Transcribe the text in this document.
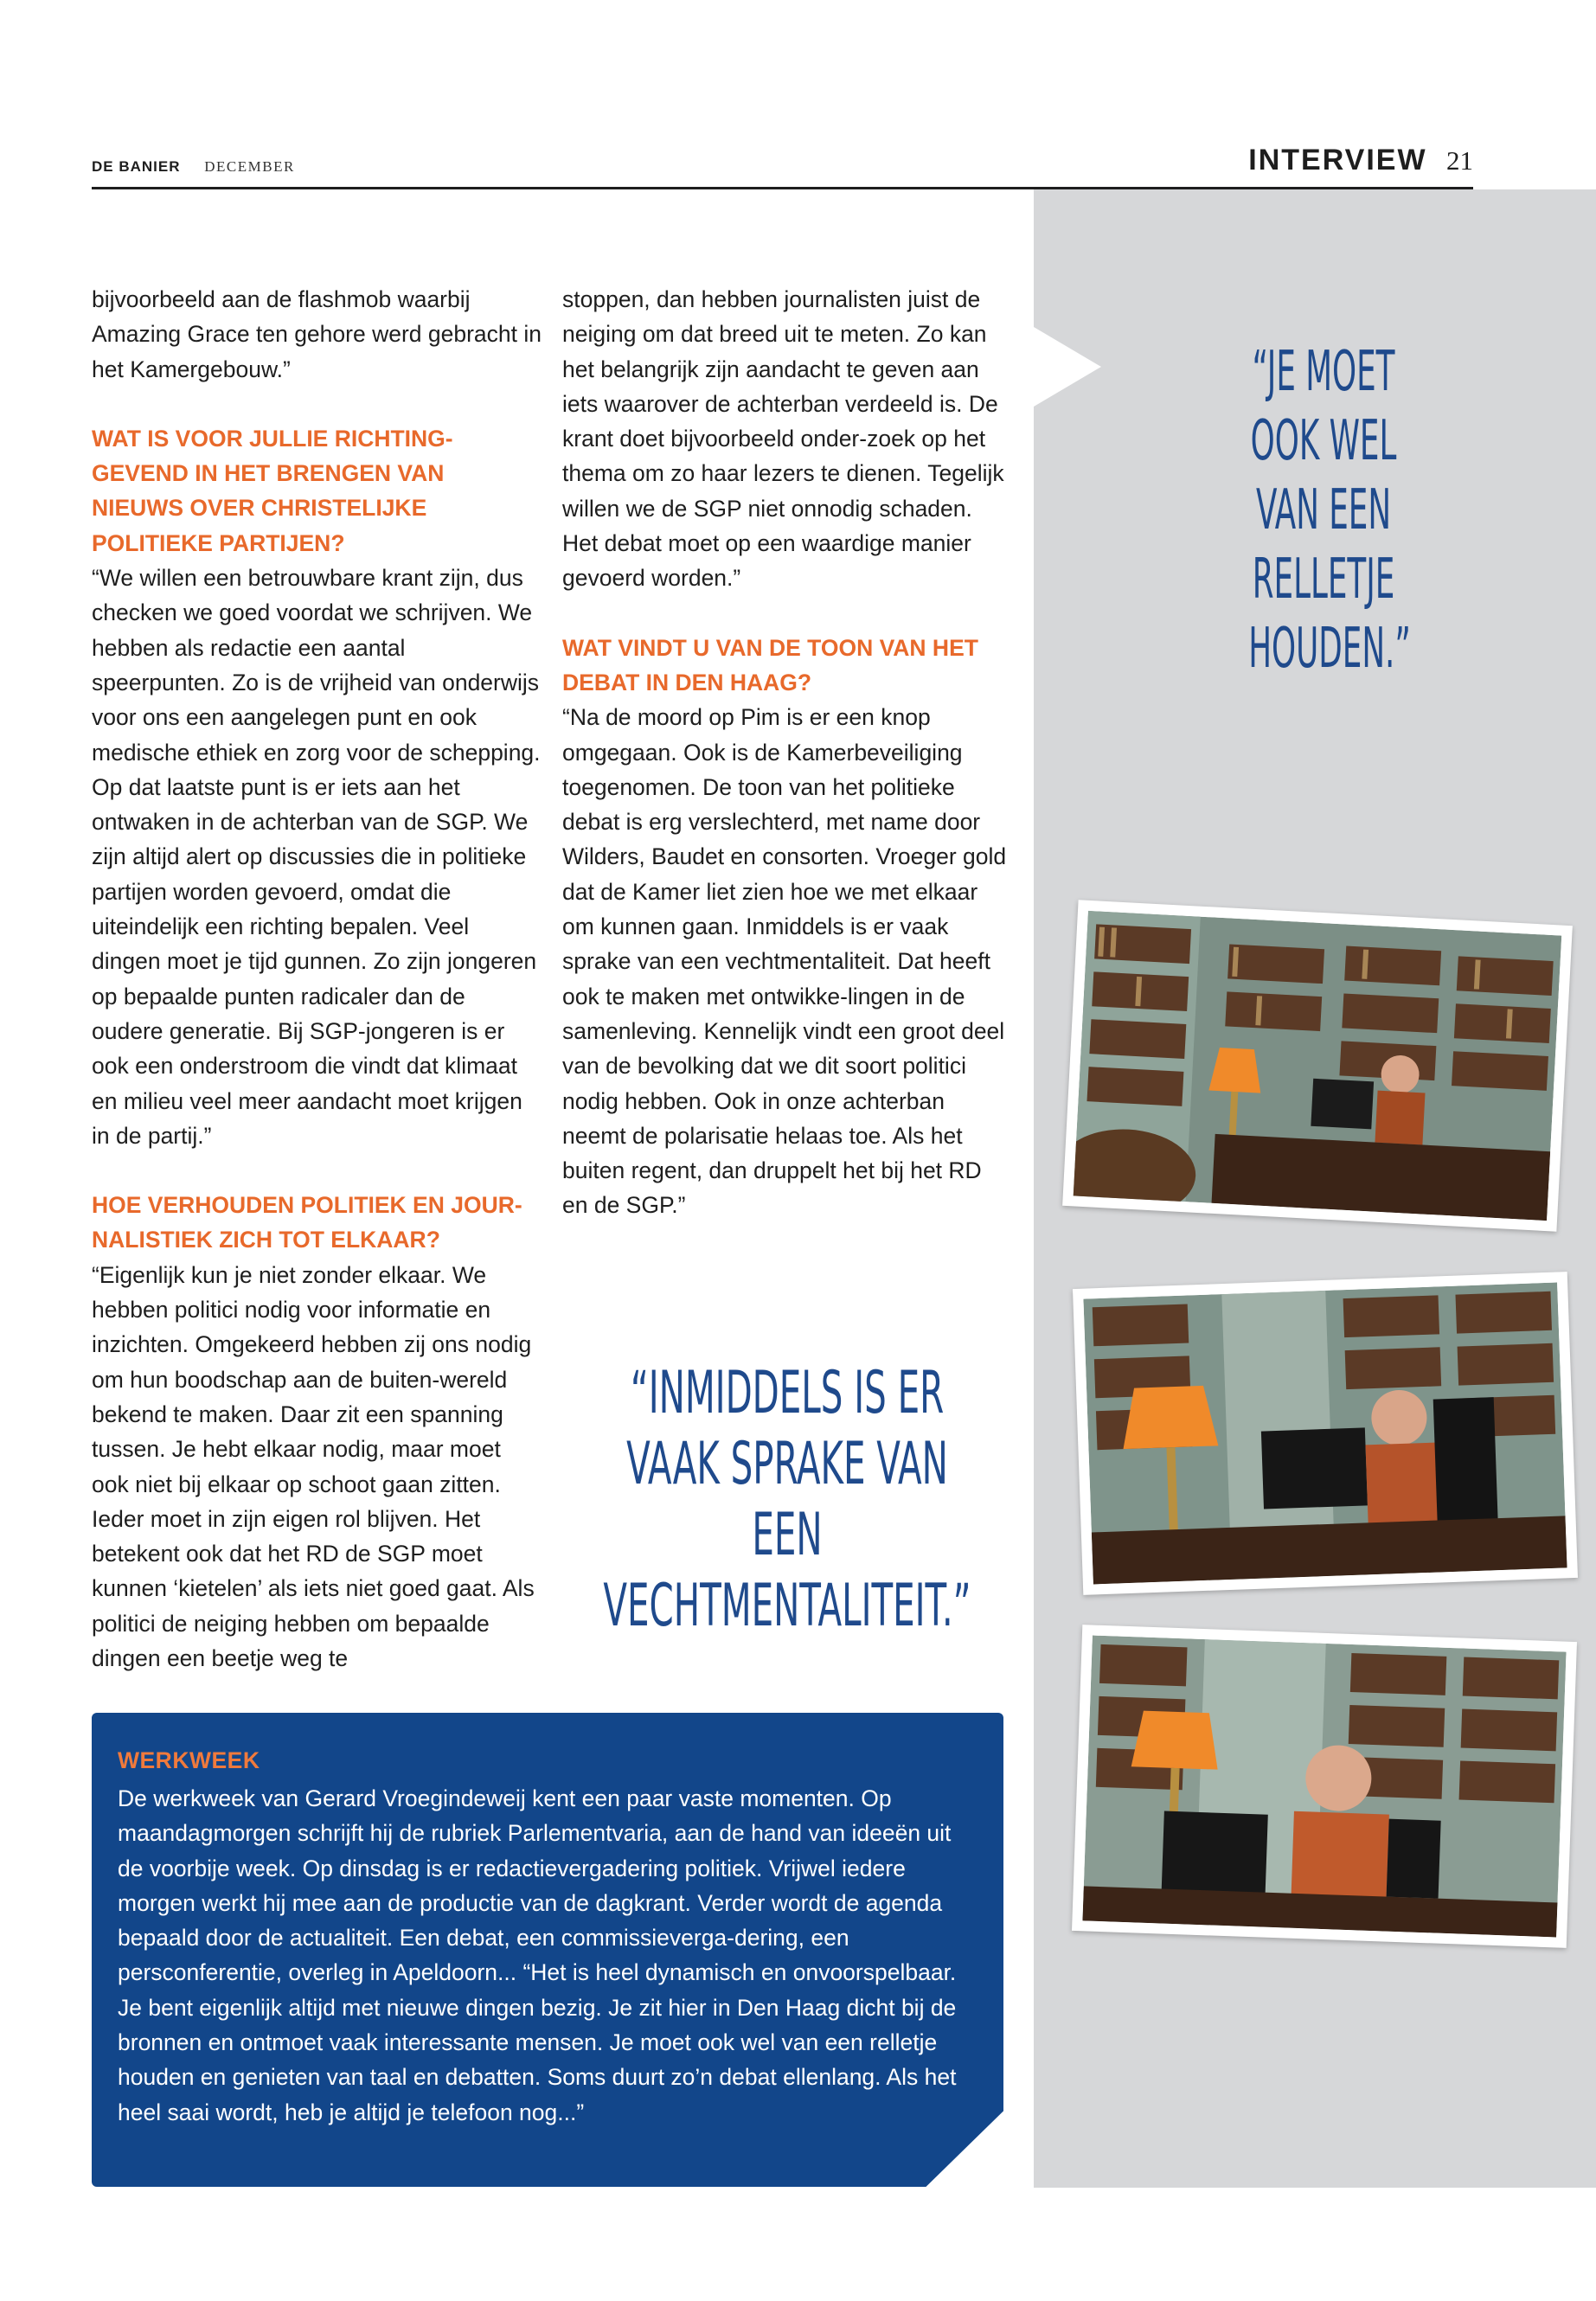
DE BANIER DECEMBER	INTERVIEW 21

bijvoorbeeld aan de flashmob waarbij Amazing Grace ten gehore werd gebracht in het Kamergebouw.”

WAT IS VOOR JULLIE RICHTING-GEVEND IN HET BRENGEN VAN NIEUWS OVER CHRISTELIJKE POLITIEKE PARTIJEN?

“We willen een betrouwbare krant zijn, dus checken we goed voordat we schrijven. We hebben als redactie een aantal speerpunten. Zo is de vrijheid van onderwijs voor ons een aangelegen punt en ook medische ethiek en zorg voor de schepping. Op dat laatste punt is er iets aan het ontwaken in de achterban van de SGP. We zijn altijd alert op discussies die in politieke partijen worden gevoerd, omdat die uiteindelijk een richting bepalen. Veel dingen moet je tijd gunnen. Zo zijn jongeren op bepaalde punten radicaler dan de oudere generatie. Bij SGP-jongeren is er ook een onderstroom die vindt dat klimaat en milieu veel meer aandacht moet krijgen in de partij.”

HOE VERHOUDEN POLITIEK EN JOUR-NALISTIEK ZICH TOT ELKAAR?

“Eigenlijk kun je niet zonder elkaar. We hebben politici nodig voor informatie en inzichten. Omgekeerd hebben zij ons nodig om hun boodschap aan de buiten-wereld bekend te maken. Daar zit een spanning tussen. Je hebt elkaar nodig, maar moet ook niet bij elkaar op schoot gaan zitten. Ieder moet in zijn eigen rol blijven. Het betekent ook dat het RD de SGP moet kunnen ‘kietelen’ als iets niet goed gaat. Als politici de neiging hebben om bepaalde dingen een beetje weg te

stoppen, dan hebben journalisten juist de neiging om dat breed uit te meten. Zo kan het belangrijk zijn aandacht te geven aan iets waarover de achterban verdeeld is. De krant doet bijvoorbeeld onder-zoek op het thema om zo haar lezers te dienen. Tegelijk willen we de SGP niet onnodig schaden. Het debat moet op een waardige manier gevoerd worden.”

WAT VINDT U VAN DE TOON VAN HET DEBAT IN DEN HAAG?

“Na de moord op Pim is er een knop omgegaan. Ook is de Kamerbeveiliging toegenomen. De toon van het politieke debat is erg verslechterd, met name door Wilders, Baudet en consorten. Vroeger gold dat de Kamer liet zien hoe we met elkaar om kunnen gaan. Inmiddels is er vaak sprake van een vechtmentaliteit. Dat heeft ook te maken met ontwikke-lingen in de samenleving. Kennelijk vindt een groot deel van de bevolking dat we dit soort politici nodig hebben. Ook in onze achterban neemt de polarisatie helaas toe. Als het buiten regent, dan druppelt het bij het RD en de SGP.”

“JE MOET OOK WEL VAN EEN RELLETJE HOUDEN.”
“INMIDDELS IS ER VAAK SPRAKE VAN EEN VECHTMENTALITEIT.”
WERKWEEK

De werkweek van Gerard Vroegindeweij kent een paar vaste momenten. Op maandagmorgen schrijft hij de rubriek Parlementvaria, aan de hand van ideeën uit de voorbije week. Op dinsdag is er redactievergadering politiek. Vrijwel iedere morgen werkt hij mee aan de productie van de dagkrant. Verder wordt de agenda bepaald door de actualiteit. Een debat, een commissieverga-dering, een persconferentie, overleg in Apeldoorn... “Het is heel dynamisch en onvoorspelbaar. Je bent eigenlijk altijd met nieuwe dingen bezig. Je zit hier in Den Haag dicht bij de bronnen en ontmoet vaak interessante mensen. Je moet ook wel van een relletje houden en genieten van taal en debatten. Soms duurt zo’n debat ellenlang. Als het heel saai wordt, heb je altijd je telefoon nog...”
